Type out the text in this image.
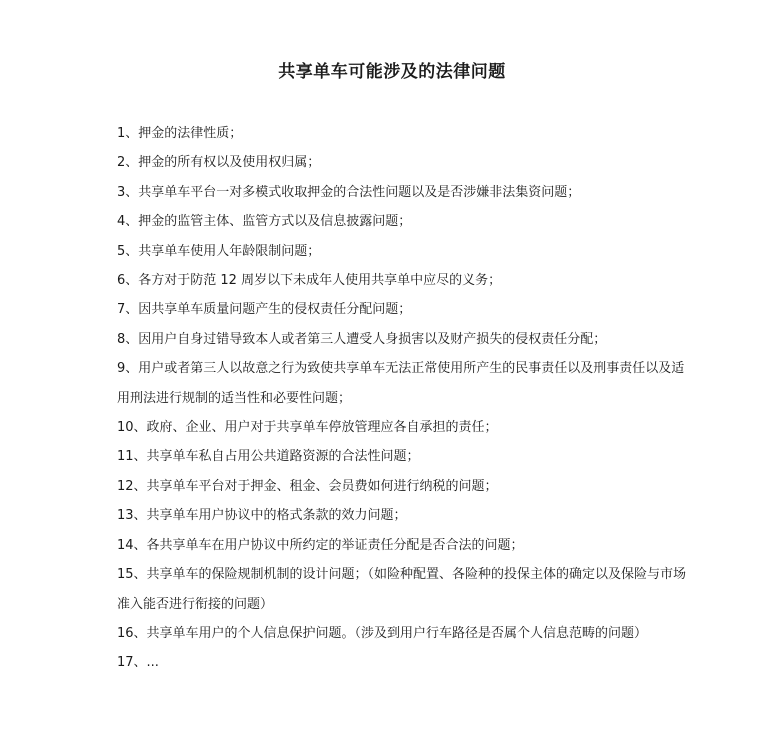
共享单车可能涉及的法律问题
1、押金的法律性质；
2、押金的所有权以及使用权归属；
3、共享单车平台一对多模式收取押金的合法性问题以及是否涉嫌非法集资问题；
4、押金的监管主体、监管方式以及信息披露问题；
5、共享单车使用人年龄限制问题；
6、各方对于防范 12 周岁以下未成年人使用共享单中应尽的义务；
7、因共享单车质量问题产生的侵权责任分配问题；
8、因用户自身过错导致本人或者第三人遭受人身损害以及财产损失的侵权责任分配；
9、用户或者第三人以故意之行为致使共享单车无法正常使用所产生的民事责任以及刑事责任以及适用刑法进行规制的适当性和必要性问题；
10、政府、企业、用户对于共享单车停放管理应各自承担的责任；
11、共享单车私自占用公共道路资源的合法性问题；
12、共享单车平台对于押金、租金、会员费如何进行纳税的问题；
13、共享单车用户协议中的格式条款的效力问题；
14、各共享单车在用户协议中所约定的举证责任分配是否合法的问题；
15、共享单车的保险规制机制的设计问题；（如险种配置、各险种的投保主体的确定以及保险与市场准入能否进行衔接的问题）
16、共享单车用户的个人信息保护问题。（涉及到用户行车路径是否属个人信息范畴的问题）
17、...
